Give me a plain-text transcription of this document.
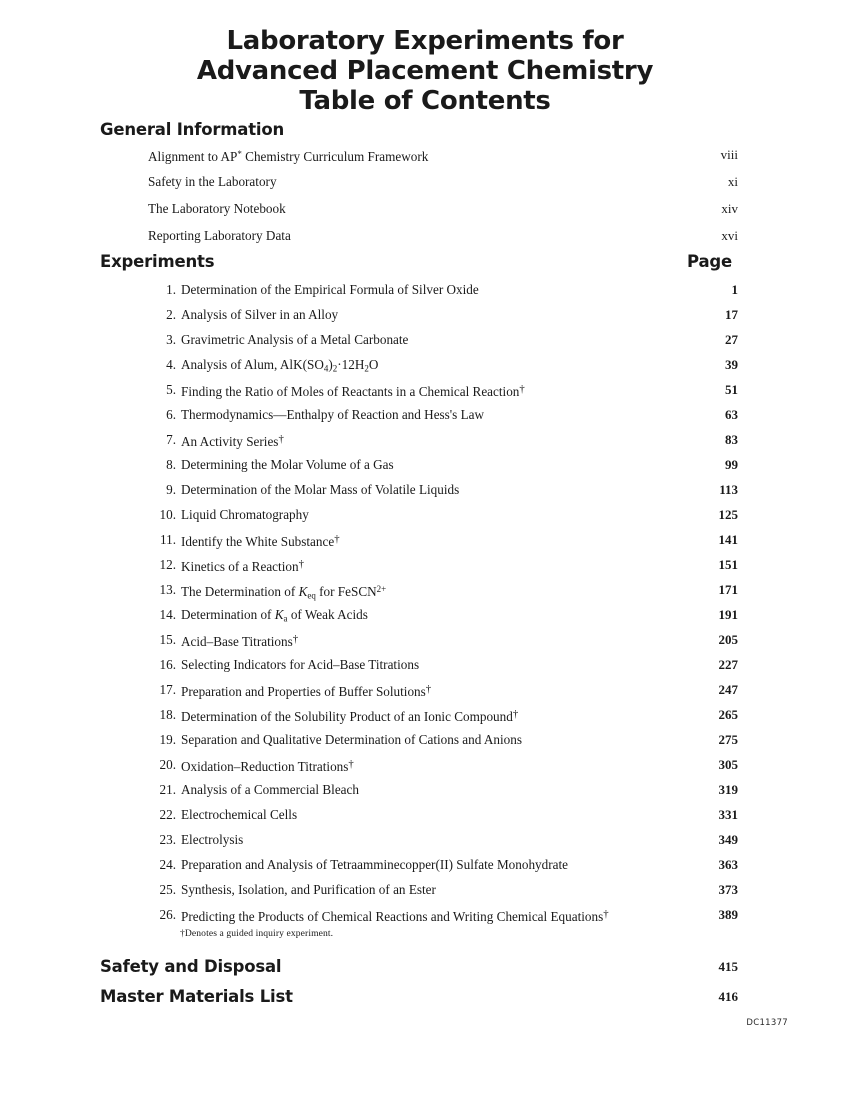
Laboratory Experiments for
Advanced Placement Chemistry
Table of Contents
General Information
Alignment to AP* Chemistry Curriculum Framework	viii
Safety in the Laboratory	xi
The Laboratory Notebook	xiv
Reporting Laboratory Data	xvi
Experiments	Page
1. Determination of the Empirical Formula of Silver Oxide	1
2. Analysis of Silver in an Alloy	17
3. Gravimetric Analysis of a Metal Carbonate	27
4. Analysis of Alum, $AlK(SO_4)_2\cdot 12H_2O$	39
5. Finding the Ratio of Moles of Reactants in a Chemical Reaction†	51
6. Thermodynamics—Enthalpy of Reaction and Hess's Law	63
7. An Activity Series†	83
8. Determining the Molar Volume of a Gas	99
9. Determination of the Molar Mass of Volatile Liquids	113
10. Liquid Chromatography	125
11. Identify the White Substance†	141
12. Kinetics of a Reaction†	151
13. The Determination of $K_{eq}$ for FeSCN$^{2+}$	171
14. Determination of $K_a$ of Weak Acids	191
15. Acid–Base Titrations†	205
16. Selecting Indicators for Acid–Base Titrations	227
17. Preparation and Properties of Buffer Solutions†	247
18. Determination of the Solubility Product of an Ionic Compound†	265
19. Separation and Qualitative Determination of Cations and Anions	275
20. Oxidation–Reduction Titrations†	305
21. Analysis of a Commercial Bleach	319
22. Electrochemical Cells	331
23. Electrolysis	349
24. Preparation and Analysis of Tetraamminecopper(II) Sulfate Monohydrate	363
25. Synthesis, Isolation, and Purification of an Ester	373
26. Predicting the Products of Chemical Reactions and Writing Chemical Equations†	389
†Denotes a guided inquiry experiment.
Safety and Disposal	415
Master Materials List	416
DC11377
